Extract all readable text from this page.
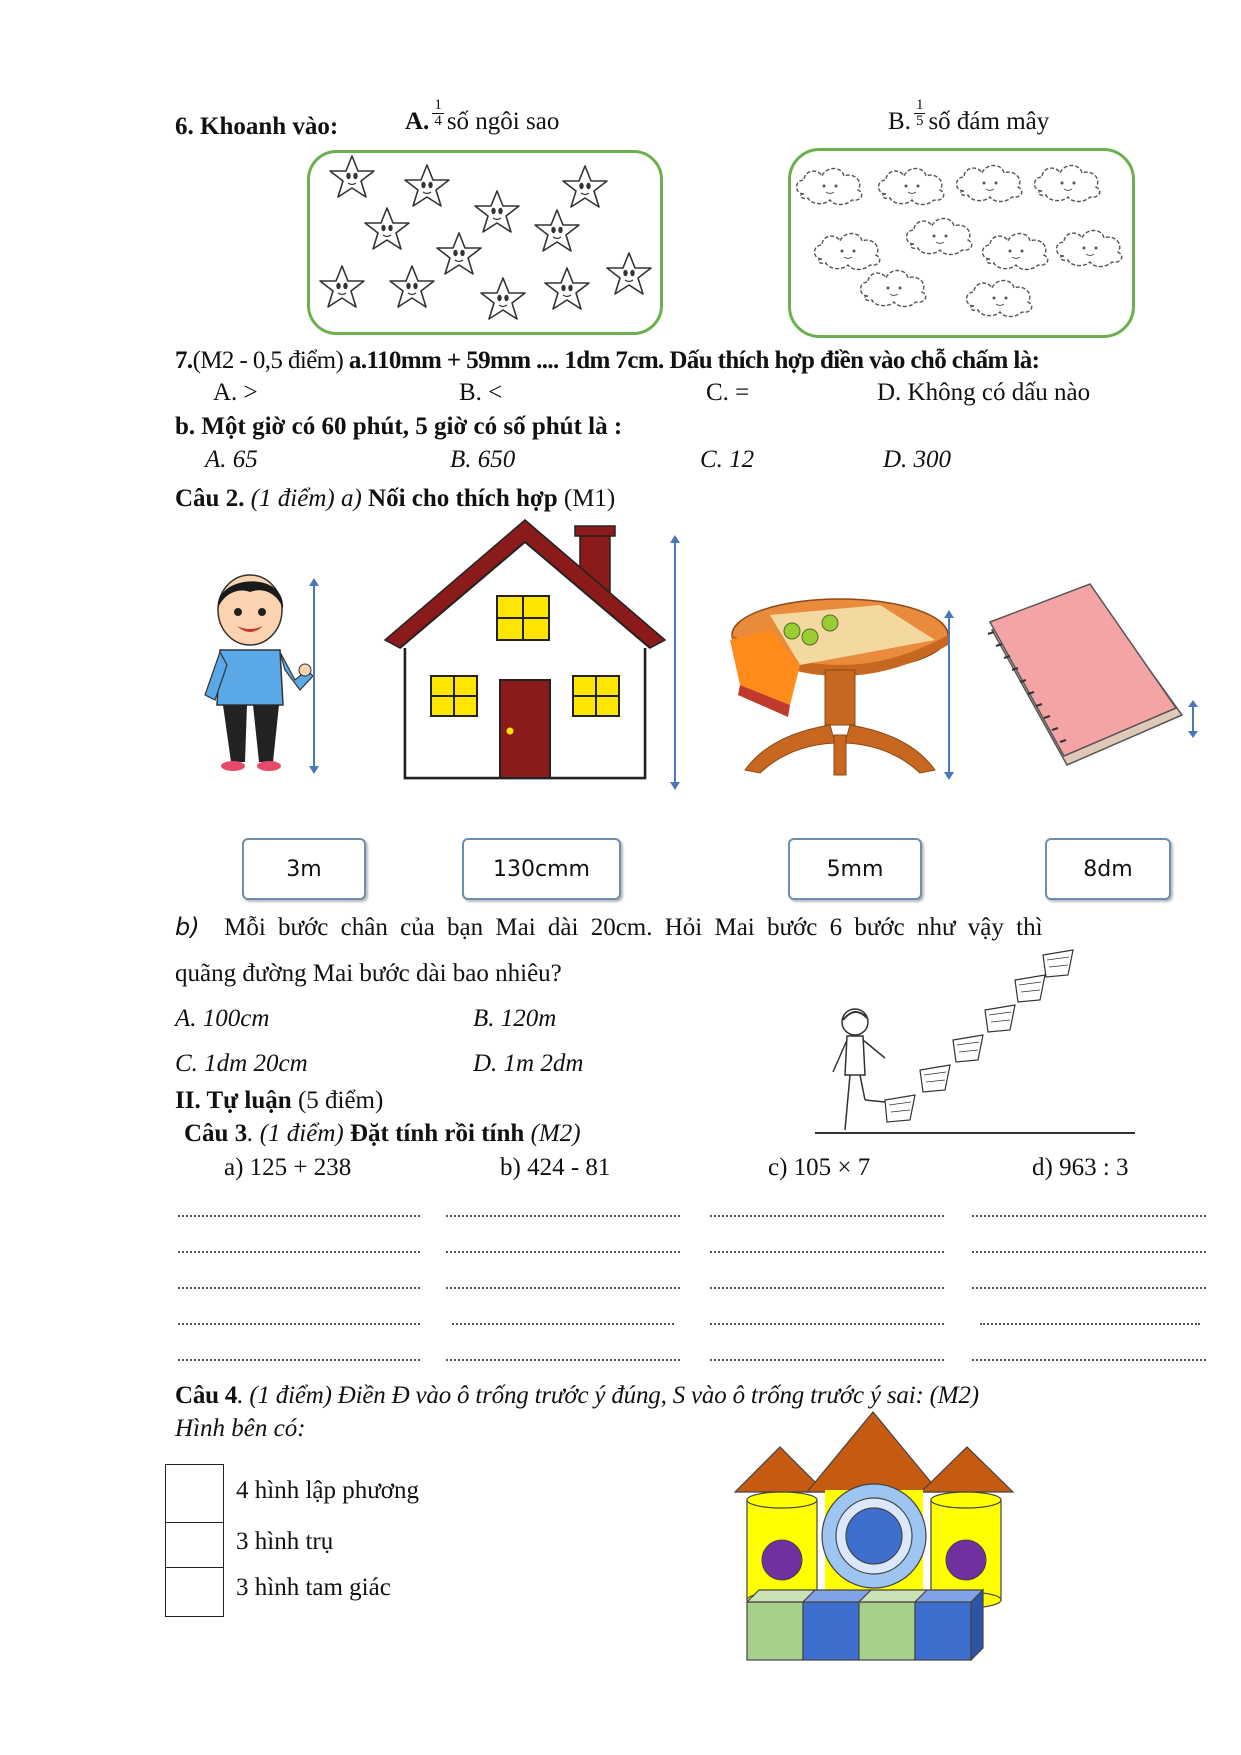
6. Khoanh vào:	A. $\frac{1}{4}$ số ngôi sao	B. $\frac{1}{5}$ số đám mây
7.(M2 - 0,5 điểm) a.110mm + 59mm .... 1dm 7cm. Dấu thích hợp điền vào chỗ chấm là:
A. >	B. <	C. =	D. Không có dấu nào
b. Một giờ có 60 phút, 5 giờ có số phút là :
A. 65	B. 650	C. 12	D. 300
Câu 2. (1 điểm) a) Nối cho thích hợp (M1)
3m	130cmm	5mm	8dm
b) Mỗi bước chân của bạn Mai dài 20cm. Hỏi Mai bước 6 bước như vậy thì
quãng đường Mai bước dài bao nhiêu?
A. 100cm	B. 120m
C. 1dm 20cm	D. 1m 2dm
II. Tự luận (5 điểm)
Câu 3. (1 điểm) Đặt tính rồi tính (M2)
a) 125 + 238	b) 424 - 81	c) 105 × 7	d) 963 : 3
Câu 4. (1 điểm) Điền Đ vào ô trống trước ý đúng, S vào ô trống trước ý sai: (M2)
Hình bên có:
4 hình lập phương
3 hình trụ
3 hình tam giác
